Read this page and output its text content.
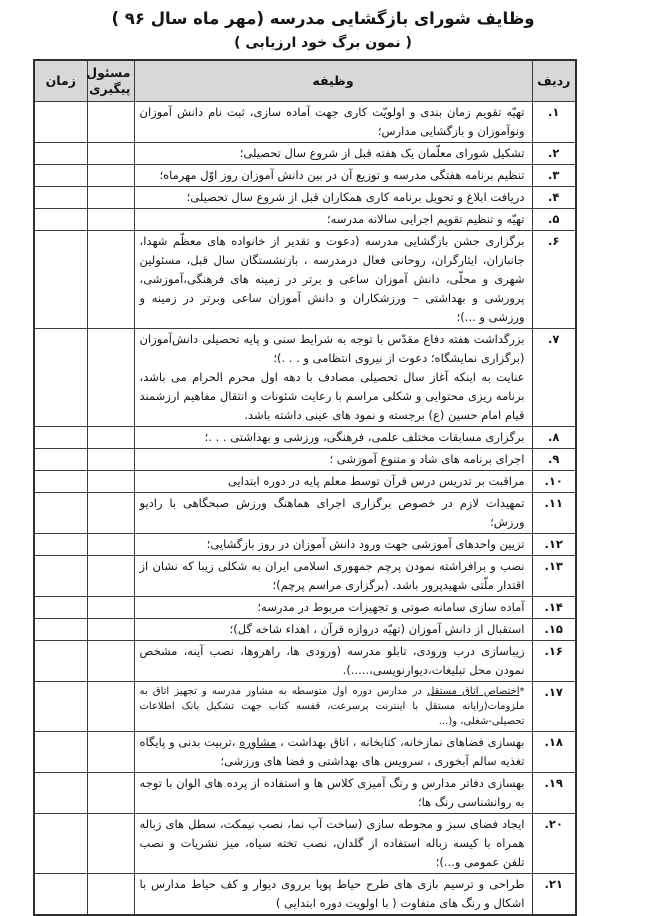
وظایف شورای بازگشایی مدرسه (مهر ماه سال ۹۶ )
( نمون برگ خود ارزیابی )
ردیف	وظیفه	مسئول پیگیری	زمان
۱.	تهیّه تقویم زمان بندی و اولویّت کاری جهت آماده سازی، ثبت نام دانش آموزان ونوآموزان و بازگشایی مدارس؛		
۲.	تشکیل شورای معلّمان یک هفته قبل از شروع سال تحصیلی؛		
۳.	تنظیم برنامه هفتگی مدرسه و توزیع آن در بین دانش آموزان روز اوّل مهرماه؛		
۴.	دریافت ابلاغ و تحویل برنامه کاری همکاران قبل از شروع سال تحصیلی؛		
۵.	تهیّه و تنظیم تقویم اجرایی سالانه مدرسه؛		
۶.	برگزاری جشن بازگشایی مدرسه (دعوت و تقدیر از خانواده های معظّم شهدا، جانبازان، ایثارگران، روحانی فعال درمدرسه ، بازنشستگان سال قبل، مسئولین شهری و محلّی، دانش آموزان ساعی و برتر در زمینه های فرهنگی،آموزشی، پرورشی و بهداشتی – ورزشکاران و دانش آموزان ساعی وبرتر در زمینه و ورزشی و ...)؛		
۷.	بزرگداشت هفته دفاع مقدّس با توجه به شرایط سنی و پایه تحصیلی دانش‌آموزان (برگزاری نمایشگاه؛ دعوت از نیروی انتظامی و . . .)؛
عنایت به اینکه آغاز سال تحصیلی مصادف با دهه اول محرم الحرام می باشد، برنامه ریزی محتوایی و شکلی مراسم با رعایت شئونات و انتقال مفاهیم ارزشمند قیام امام حسین (ع) برجسته و نمود های عینی داشته باشد.		

۸.	برگزاری مسابقات مختلف علمی، فرهنگی، ورزشی و بهداشتی . . .؛		
۹.	اجرای برنامه های شاد و متنوع آموزشی ؛		
۱۰.	مراقبت بر تدریس درس قرآن توسط معلم پایه در دوره ابتدایی		
۱۱.	تمهیدات لازم در خصوص برگزاری اجرای هماهنگ ورزش صبحگاهی با رادیو ورزش؛		
۱۲.	تزیین واحدهای آموزشی جهت ورود دانش آموزان در روز بازگشایی؛		
۱۳.	نصب و برافراشته نمودن پرچم جمهوری اسلامی ایران به شکلی زیبا که نشان از اقتدار ملّتی شهیدپرور باشد. (برگزاری مراسم پرچم)؛		
۱۴.	آماده سازی سامانه صوتی و تجهیزات مربوط در مدرسه؛		
۱۵.	استقبال از دانش آموزان (تهیّه دروازه قرآن ، اهداء شاخه گل)؛		
۱۶.	زیباسازی درب ورودی، تابلو مدرسه (ورودی ها، راهروها، نصب آینه، مشخص نمودن محل تبلیغات،دیوارنویسی،.....).		
۱۷.	*اختصاص اتاق مستقل در مدارس دوره اول متوسطه به مشاور مدرسه و تجهیز اتاق به ملزومات(رایانه مستقل با اینترنت پرسرعت، قفسه کتاب جهت تشکیل بانک اطلاعات تحصیلی-شغلی، و(...		
۱۸.	بهسازی فضاهای نمازخانه، کتابخانه ، اتاق بهداشت ، مشاوره ،تربیت بدنی و پایگاه تغذیه سالم آبخوری ، سرویس های بهداشتی و فضا های ورزشی؛		
۱۹.	بهسازی دفاتر مدارس و رنگ آمیزی کلاس ها و استفاده از پرده های الوان با توجه به روانشناسی رنگ ها؛		
۲۰.	ایجاد فضای سبز و محوطه سازی (ساخت آب نما، نصب نیمکت، سطل های زباله همراه با کیسه زباله استفاده از گلدان، نصب تخته سیاه، میز نشریات و نصب تلفن عمومی و...)؛		
۲۱.	طراحی و ترسیم بازی های طرح حیاط پویا برروی دیوار و کف حیاط مدارس با اشکال و رنگ های متفاوت ( با اولویت دوره ابتدایی )		
